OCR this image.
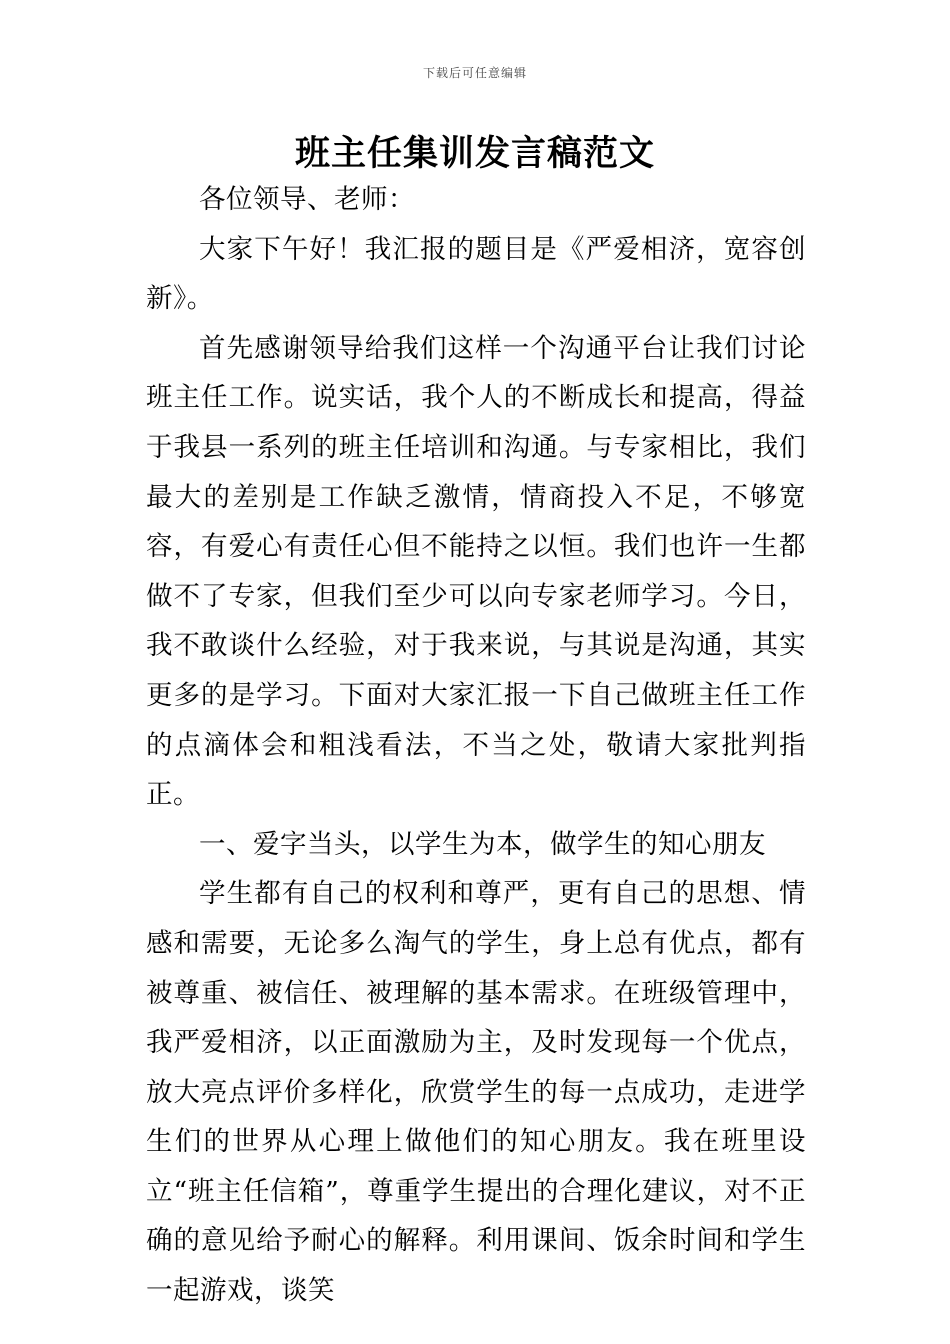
下载后可任意编辑
班主任集训发言稿范文

各位领导、老师：

大家下午好！我汇报的题目是《严爱相济，宽容创新》。

首先感谢领导给我们这样一个沟通平台让我们讨论班主任工作。说实话，我个人的不断成长和提高，得益于我县一系列的班主任培训和沟通。与专家相比，我们最大的差别是工作缺乏激情，情商投入不足，不够宽容，有爱心有责任心但不能持之以恒。我们也许一生都做不了专家，但我们至少可以向专家老师学习。今日，我不敢谈什么经验，对于我来说，与其说是沟通，其实更多的是学习。下面对大家汇报一下自己做班主任工作的点滴体会和粗浅看法，不当之处，敬请大家批判指正。

一、爱字当头，以学生为本，做学生的知心朋友

学生都有自己的权利和尊严，更有自己的思想、情感和需要，无论多么淘气的学生，身上总有优点，都有被尊重、被信任、被理解的基本需求。在班级管理中，我严爱相济，以正面激励为主，及时发现每一个优点，放大亮点评价多样化，欣赏学生的每一点成功，走进学生们的世界从心理上做他们的知心朋友。我在班里设立“班主任信箱”，尊重学生提出的合理化建议，对不正确的意见给予耐心的解释。利用课间、饭余时间和学生一起游戏，谈笑
